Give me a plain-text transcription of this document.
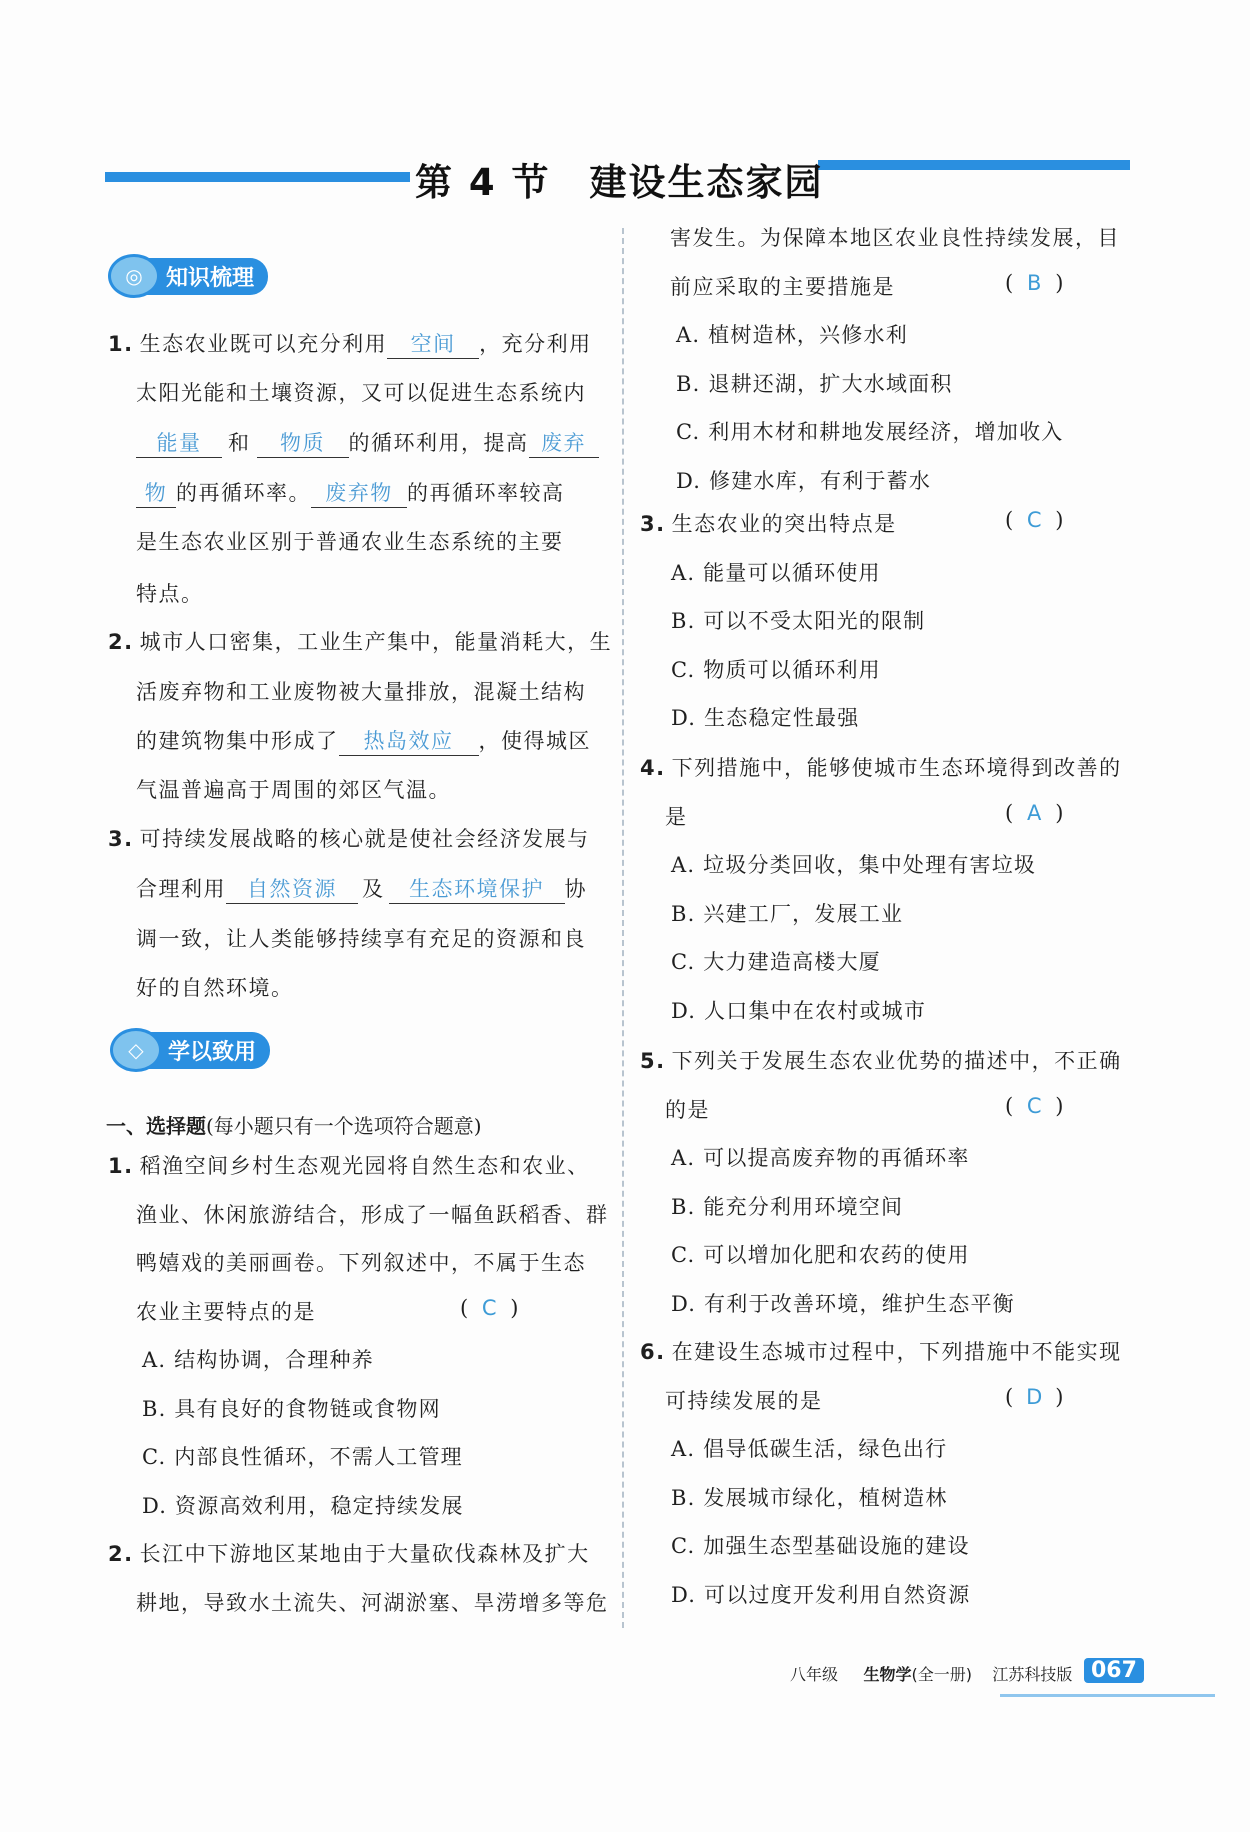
第 4 节　建设生态家园
◎	知识梳理
1. 生态农业既可以充分利用 空间 ，充分利用
太阳光能和土壤资源，又可以促进生态系统内
能量 和 物质 的循环利用，提高 废弃
物 的再循环率。 废弃物 的再循环率较高
是生态农业区别于普通农业生态系统的主要
特点。
2. 城市人口密集，工业生产集中，能量消耗大，生
活废弃物和工业废物被大量排放，混凝土结构
的建筑物集中形成了 热岛效应 ，使得城区
气温普遍高于周围的郊区气温。
3. 可持续发展战略的核心就是使社会经济发展与
合理利用 自然资源 及 生态环境保护 协
调一致，让人类能够持续享有充足的资源和良
好的自然环境。
◇	学以致用
一、选择题(每小题只有一个选项符合题意)
1. 稻渔空间乡村生态观光园将自然生态和农业、
渔业、休闲旅游结合，形成了一幅鱼跃稻香、群
鸭嬉戏的美丽画卷。下列叙述中，不属于生态
农业主要特点的是	( C )
A. 结构协调，合理种养
B. 具有良好的食物链或食物网
C. 内部良性循环，不需人工管理
D. 资源高效利用，稳定持续发展
2. 长江中下游地区某地由于大量砍伐森林及扩大
耕地，导致水土流失、河湖淤塞、旱涝增多等危
害发生。为保障本地区农业良性持续发展，目
前应采取的主要措施是	( B )
A. 植树造林，兴修水利
B. 退耕还湖，扩大水域面积
C. 利用木材和耕地发展经济，增加收入
D. 修建水库，有利于蓄水
3. 生态农业的突出特点是	( C )
A. 能量可以循环使用
B. 可以不受太阳光的限制
C. 物质可以循环利用
D. 生态稳定性最强
4. 下列措施中，能够使城市生态环境得到改善的
是	( A )
A. 垃圾分类回收，集中处理有害垃圾
B. 兴建工厂，发展工业
C. 大力建造高楼大厦
D. 人口集中在农村或城市
5. 下列关于发展生态农业优势的描述中，不正确
的是	( C )
A. 可以提高废弃物的再循环率
B. 能充分利用环境空间
C. 可以增加化肥和农药的使用
D. 有利于改善环境，维护生态平衡
6. 在建设生态城市过程中，下列措施中不能实现
可持续发展的是	( D )
A. 倡导低碳生活，绿色出行
B. 发展城市绿化，植树造林
C. 加强生态型基础设施的建设
D. 可以过度开发利用自然资源
八年级 生物学(全一册) 江苏科技版 067
